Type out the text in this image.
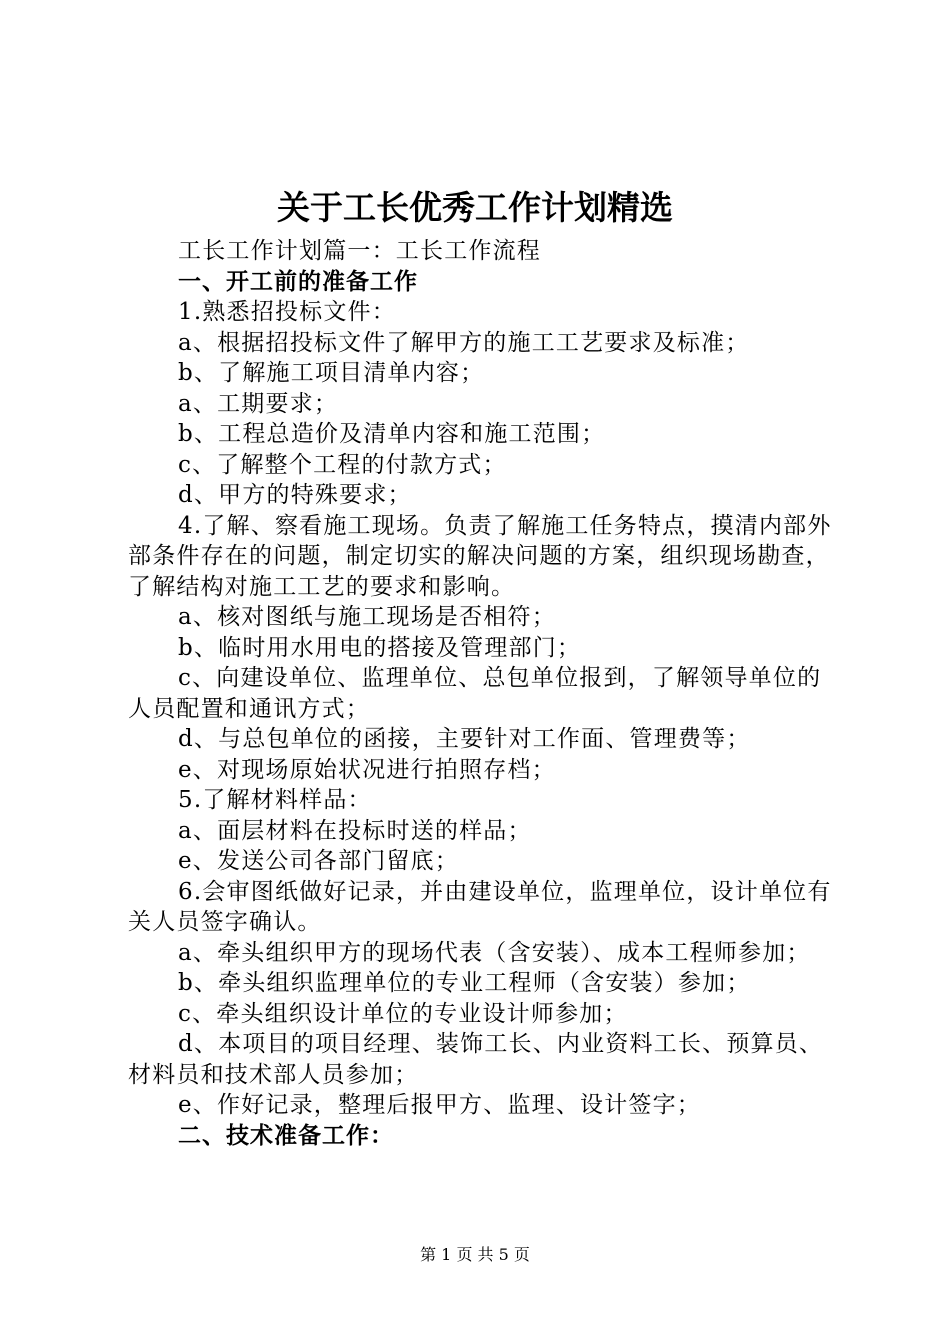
关于工长优秀工作计划精选

工长工作计划篇一：工长工作流程

一、开工前的准备工作

1.熟悉招投标文件：

a、根据招投标文件了解甲方的施工工艺要求及标准；

b、了解施工项目清单内容；

a、工期要求；

b、工程总造价及清单内容和施工范围；

c、了解整个工程的付款方式；

d、甲方的特殊要求；

4.了解、察看施工现场。负责了解施工任务特点，摸清内部外部条件存在的问题，制定切实的解决问题的方案，组织现场勘查，了解结构对施工工艺的要求和影响。

a、核对图纸与施工现场是否相符；

b、临时用水用电的搭接及管理部门；

c、向建设单位、监理单位、总包单位报到，了解领导单位的人员配置和通讯方式；

d、与总包单位的函接，主要针对工作面、管理费等；

e、对现场原始状况进行拍照存档；

5.了解材料样品：

a、面层材料在投标时送的样品；

e、发送公司各部门留底；

6.会审图纸做好记录，并由建设单位，监理单位，设计单位有关人员签字确认。

a、牵头组织甲方的现场代表（含安装）、成本工程师参加；

b、牵头组织监理单位的专业工程师（含安装）参加；

c、牵头组织设计单位的专业设计师参加；

d、本项目的项目经理、装饰工长、内业资料工长、预算员、材料员和技术部人员参加；

e、作好记录，整理后报甲方、监理、设计签字；

二、技术准备工作：

第 1 页 共 5 页
